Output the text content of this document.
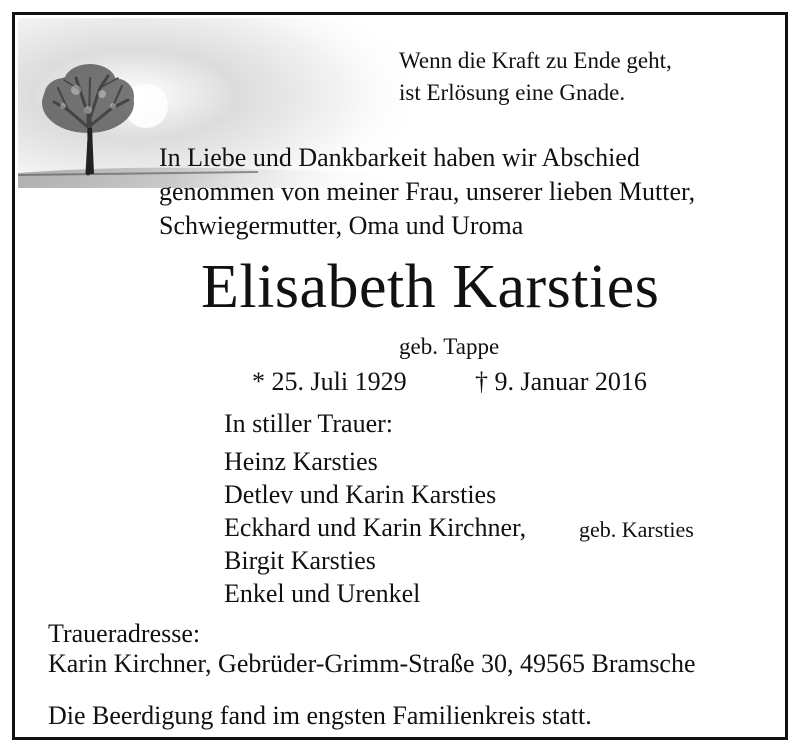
Wenn die Kraft zu Ende geht,
ist Erlösung eine Gnade.
In Liebe und Dankbarkeit haben wir Abschied
genommen von meiner Frau, unserer lieben Mutter,
Schwiegermutter, Oma und Uroma
Elisabeth Karsties
geb. Tappe
* 25. Juli 1929	† 9. Januar 2016
In stiller Trauer:
Heinz Karsties
Detlev und Karin Karsties
Eckhard und Karin Kirchner, geb. Karsties
Birgit Karsties
Enkel und Urenkel
Traueradresse:
Karin Kirchner, Gebrüder-Grimm-Straße 30, 49565 Bramsche
Die Beerdigung fand im engsten Familienkreis statt.
